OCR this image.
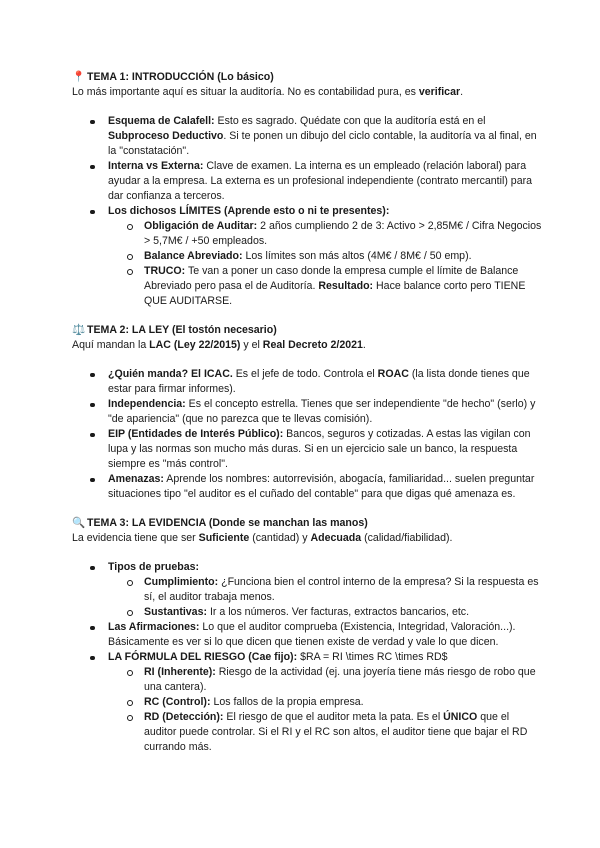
📍 TEMA 1: INTRODUCCIÓN (Lo básico)

Lo más importante aquí es situar la auditoría. No es contabilidad pura, es verificar.

Esquema de Calafell: Esto es sagrado. Quédate con que la auditoría está en el Subproceso Deductivo. Si te ponen un dibujo del ciclo contable, la auditoría va al final, en la "constatación".
Interna vs Externa: Clave de examen. La interna es un empleado (relación laboral) para ayudar a la empresa. La externa es un profesional independiente (contrato mercantil) para dar confianza a terceros.
Los dichosos LÍMITES (Aprende esto o ni te presentes):
Obligación de Auditar: 2 años cumpliendo 2 de 3: Activo > 2,85M€ / Cifra Negocios > 5,7M€ / +50 empleados.
Balance Abreviado: Los límites son más altos (4M€ / 8M€ / 50 emp).
TRUCO: Te van a poner un caso donde la empresa cumple el límite de Balance Abreviado pero pasa el de Auditoría. Resultado: Hace balance corto pero TIENE QUE AUDITARSE.
⚖️ TEMA 2: LA LEY (El tostón necesario)

Aquí mandan la LAC (Ley 22/2015) y el Real Decreto 2/2021.

¿Quién manda? El ICAC. Es el jefe de todo. Controla el ROAC (la lista donde tienes que estar para firmar informes).
Independencia: Es el concepto estrella. Tienes que ser independiente "de hecho" (serlo) y "de apariencia" (que no parezca que te llevas comisión).
EIP (Entidades de Interés Público): Bancos, seguros y cotizadas. A estas las vigilan con lupa y las normas son mucho más duras. Si en un ejercicio sale un banco, la respuesta siempre es "más control".
Amenazas: Aprende los nombres: autorrevisión, abogacía, familiaridad... suelen preguntar situaciones tipo "el auditor es el cuñado del contable" para que digas qué amenaza es.
🔍 TEMA 3: LA EVIDENCIA (Donde se manchan las manos)

La evidencia tiene que ser Suficiente (cantidad) y Adecuada (calidad/fiabilidad).

Tipos de pruebas:
Cumplimiento: ¿Funciona bien el control interno de la empresa? Si la respuesta es sí, el auditor trabaja menos.
Sustantivas: Ir a los números. Ver facturas, extractos bancarios, etc.
Las Afirmaciones: Lo que el auditor comprueba (Existencia, Integridad, Valoración...). Básicamente es ver si lo que dicen que tienen existe de verdad y vale lo que dicen.
LA FÓRMULA DEL RIESGO (Cae fijo): $RA = RI \times RC \times RD$
RI (Inherente): Riesgo de la actividad (ej. una joyería tiene más riesgo de robo que una cantera).
RC (Control): Los fallos de la propia empresa.
RD (Detección): El riesgo de que el auditor meta la pata. Es el ÚNICO que el auditor puede controlar. Si el RI y el RC son altos, el auditor tiene que bajar el RD currando más.
